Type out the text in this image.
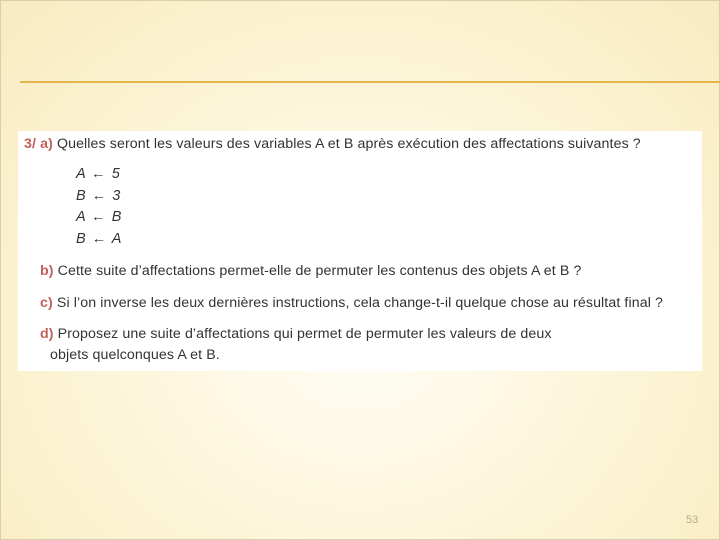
3/ a) Quelles seront les valeurs des variables A et B après exécution des affectations suivantes ?
A ← 5
B ← 3
A ← B
B ← A
b) Cette suite d’affectations permet-elle de permuter les contenus des objets A et B ?
c) Si l’on inverse les deux dernières instructions, cela change-t-il quelque chose au résultat final ?
d) Proposez une suite d’affectations qui permet de permuter les valeurs de deux
objets quelconques A et B.
53
